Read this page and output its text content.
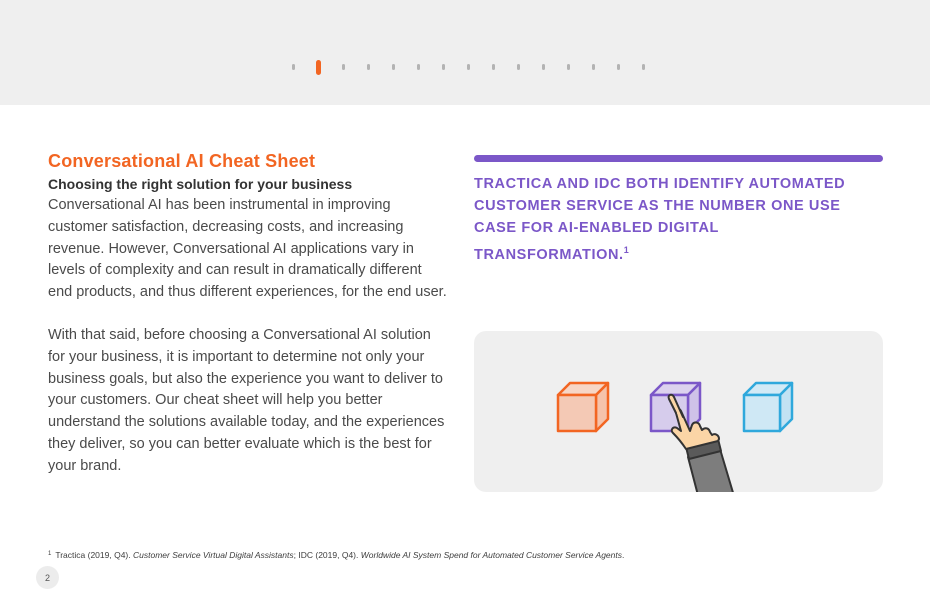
Conversational AI Cheat Sheet
Choosing the right solution for your business

Conversational AI has been instrumental in improving customer satisfaction, decreasing costs, and increasing revenue. However, Conversational AI applications vary in levels of complexity and can result in dramatically different end products, and thus different experiences, for the end user.

With that said, before choosing a Conversational AI solution for your business, it is important to determine not only your business goals, but also the experience you want to deliver to your customers. Our cheat sheet will help you better understand the solutions available today, and the experiences they deliver, so you can better evaluate which is the best for your brand.

TRACTICA AND IDC BOTH IDENTIFY AUTOMATED CUSTOMER SERVICE AS THE NUMBER ONE USE CASE FOR AI-ENABLED DIGITAL TRANSFORMATION.$^1$
$^1$ Tractica (2019, Q4). Customer Service Virtual Digital Assistants; IDC (2019, Q4). Worldwide AI System Spend for Automated Customer Service Agents.
2
